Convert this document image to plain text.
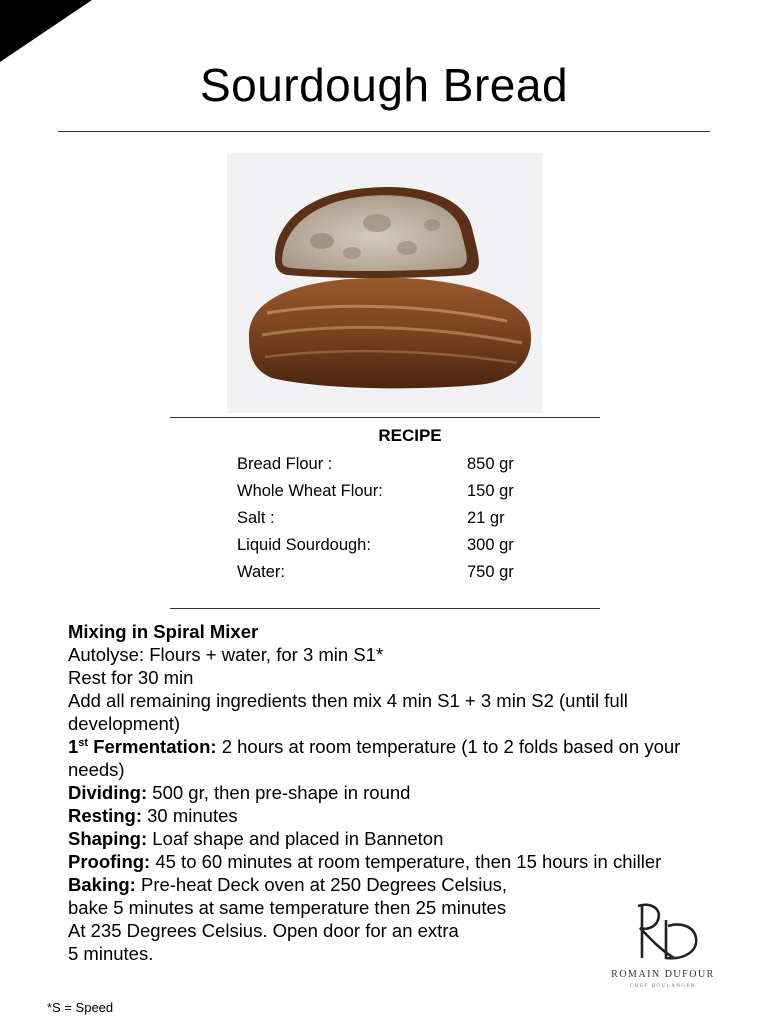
Sourdough Bread
RECIPE
Bread Flour :	850 gr
Whole Wheat Flour:	150 gr
Salt :	21 gr
Liquid Sourdough:	300 gr
Water:	750 gr

Mixing in Spiral Mixer

Autolyse: Flours + water, for 3 min S1*

Rest for 30 min

Add all remaining ingredients then mix 4 min S1 + 3 min S2 (until full development)

1st Fermentation: 2 hours at room temperature (1 to 2 folds based on your needs)

Dividing: 500 gr, then pre-shape in round

Resting: 30 minutes

Shaping: Loaf shape and placed in Banneton

Proofing: 45 to 60 minutes at room temperature, then 15 hours in chiller

Baking: Pre-heat Deck oven at 250 Degrees Celsius,

bake 5 minutes at same temperature then 25 minutes

At 235 Degrees Celsius. Open door for an extra

5 minutes.

*S = Speed
ROMAIN DUFOUR
CHEF BOULANGER
